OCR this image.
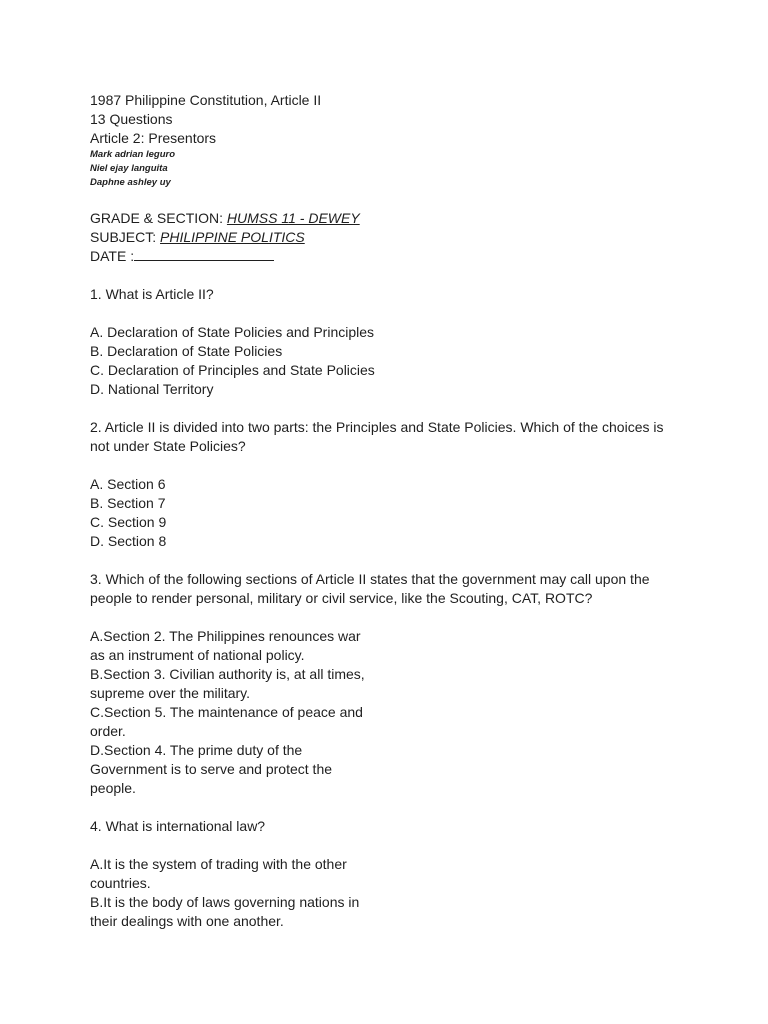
1987 Philippine Constitution, Article II
13 Questions
Article 2: Presentors
Mark adrian leguro
Niel ejay languita
Daphne ashley uy
GRADE & SECTION: HUMSS 11 - DEWEY
SUBJECT: PHILIPPINE POLITICS
DATE :
1. What is Article II?
A. Declaration of State Policies and Principles
B. Declaration of State Policies
C. Declaration of Principles and State Policies
D. National Territory
2. Article II is divided into two parts: the Principles and State Policies. Which of the choices is not under State Policies?
A. Section 6
B. Section 7
C. Section 9
D. Section 8
3. Which of the following sections of Article II states that the government may call upon the people to render personal, military or civil service, like the Scouting, CAT, ROTC?
A.Section 2. The Philippines renounces war as an instrument of national policy.
B.Section 3. Civilian authority is, at all times, supreme over the military.
C.Section 5. The maintenance of peace and order.
D.Section 4. The prime duty of the Government is to serve and protect the people.
4. What is international law?
A.It is the system of trading with the other countries.
B.It is the body of laws governing nations in their dealings with one another.
